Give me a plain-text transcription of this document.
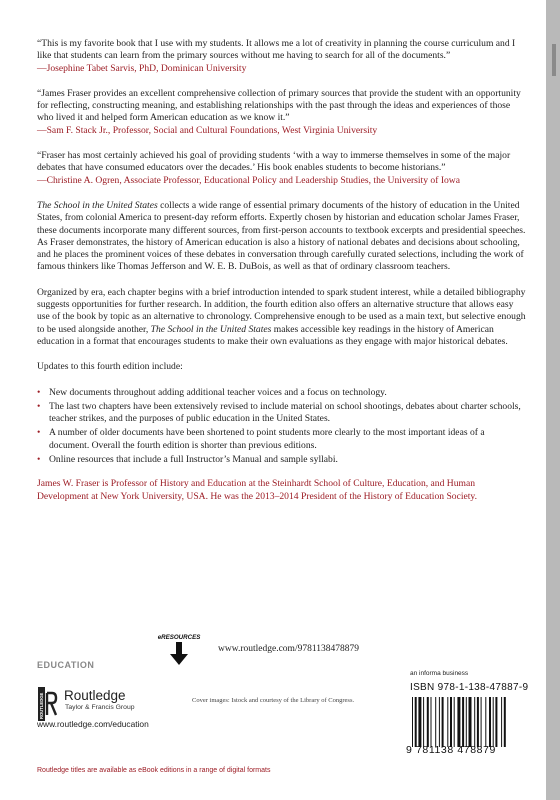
“This is my favorite book that I use with my students. It allows me a lot of creativity in planning the course curriculum and I like that students can learn from the primary sources without me having to search for all of the documents.”
—Josephine Tabet Sarvis, PhD, Dominican University
“James Fraser provides an excellent comprehensive collection of primary sources that provide the student with an opportunity for reflecting, constructing meaning, and establishing relationships with the past through the ideas and experiences of those who lived it and helped form American education as we know it.”
—Sam F. Stack Jr., Professor, Social and Cultural Foundations, West Virginia University
“Fraser has most certainly achieved his goal of providing students ‘with a way to immerse themselves in some of the major debates that have consumed educators over the decades.’ His book enables students to become historians.”
—Christine A. Ogren, Associate Professor, Educational Policy and Leadership Studies, the University of Iowa
The School in the United States collects a wide range of essential primary documents of the history of education in the United States, from colonial America to present-day reform efforts. Expertly chosen by historian and education scholar James Fraser, these documents incorporate many different sources, from first-person accounts to textbook excerpts and presidential speeches. As Fraser demonstrates, the history of American education is also a history of national debates and decisions about schooling, and he places the prominent voices of these debates in conversation through carefully curated selections, including the work of famous thinkers like Thomas Jefferson and W. E. B. DuBois, as well as that of ordinary classroom teachers.
Organized by era, each chapter begins with a brief introduction intended to spark student interest, while a detailed bibliography suggests opportunities for further research. In addition, the fourth edition also offers an alternative structure that allows easy use of the book by topic as an alternative to chronology. Comprehensive enough to be used as a main text, but selective enough to be used alongside another, The School in the United States makes accessible key readings in the history of American education in a format that encourages students to make their own evaluations as they engage with major historical debates.
Updates to this fourth edition include:
• New documents throughout adding additional teacher voices and a focus on technology.
• The last two chapters have been extensively revised to include material on school shootings, debates about charter schools, teacher strikes, and the purposes of public education in the United States.
• A number of older documents have been shortened to point students more clearly to the most important ideas of a document. Overall the fourth edition is shorter than previous editions.
• Online resources that include a full Instructor’s Manual and sample syllabi.
James W. Fraser is Professor of History and Education at the Steinhardt School of Culture, Education, and Human Development at New York University, USA. He was the 2013–2014 President of the History of Education Society.
eRESOURCES
www.routledge.com/9781138478879
EDUCATION
ROUTLEDGE Routledge
Taylor & Francis Group
www.routledge.com/education
Cover images: Istock and courtesy of the Library of Congress.
an informa business
ISBN 978-1-138-47887-9
9 781138 478879
Routledge titles are available as eBook editions in a range of digital formats
